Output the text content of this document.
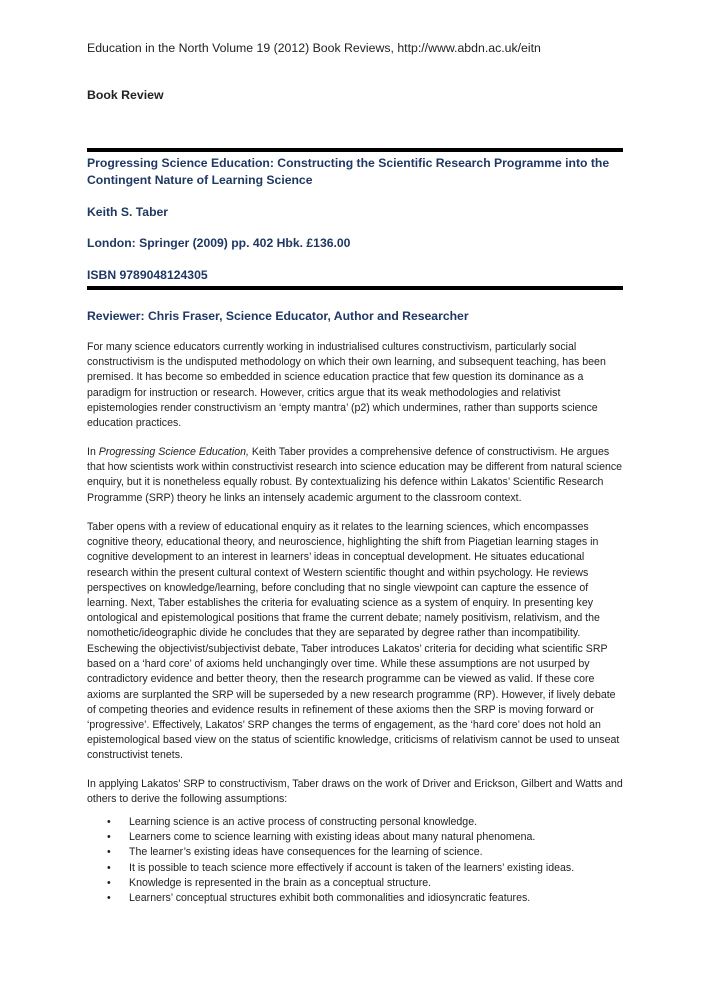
Education in the North Volume 19 (2012) Book Reviews, http://www.abdn.ac.uk/eitn
Book Review
Progressing Science Education: Constructing the Scientific Research Programme into the Contingent Nature of Learning Science
Keith S. Taber
London: Springer (2009) pp. 402 Hbk. £136.00
ISBN 9789048124305
Reviewer: Chris Fraser, Science Educator, Author and Researcher

For many science educators currently working in industrialised cultures constructivism, particularly social constructivism is the undisputed methodology on which their own learning, and subsequent teaching, has been premised. It has become so embedded in science education practice that few question its dominance as a paradigm for instruction or research. However, critics argue that its weak methodologies and relativist epistemologies render constructivism an ‘empty mantra’ (p2) which undermines, rather than supports science education practices.

In Progressing Science Education, Keith Taber provides a comprehensive defence of constructivism. He argues that how scientists work within constructivist research into science education may be different from natural science enquiry, but it is nonetheless equally robust. By contextualizing his defence within Lakatos’ Scientific Research Programme (SRP) theory he links an intensely academic argument to the classroom context.

Taber opens with a review of educational enquiry as it relates to the learning sciences, which encompasses cognitive theory, educational theory, and neuroscience, highlighting the shift from Piagetian learning stages in cognitive development to an interest in learners’ ideas in conceptual development. He situates educational research within the present cultural context of Western scientific thought and within psychology. He reviews perspectives on knowledge/learning, before concluding that no single viewpoint can capture the essence of learning. Next, Taber establishes the criteria for evaluating science as a system of enquiry. In presenting key ontological and epistemological positions that frame the current debate; namely positivism, relativism, and the nomothetic/ideographic divide he concludes that they are separated by degree rather than incompatibility.

Eschewing the objectivist/subjectivist debate, Taber introduces Lakatos’ criteria for deciding what scientific SRP based on a ‘hard core’ of axioms held unchangingly over time. While these assumptions are not usurped by contradictory evidence and better theory, then the research programme can be viewed as valid. If these core axioms are surplanted the SRP will be superseded by a new research programme (RP). However, if lively debate of competing theories and evidence results in refinement of these axioms then the SRP is moving forward or ‘progressive’. Effectively, Lakatos’ SRP changes the terms of engagement, as the ‘hard core’ does not hold an epistemological based view on the status of scientific knowledge, criticisms of relativism cannot be used to unseat constructivist tenets.

In applying Lakatos’ SRP to constructivism, Taber draws on the work of Driver and Erickson, Gilbert and Watts and others to derive the following assumptions:

• Learning science is an active process of constructing personal knowledge.
• Learners come to science learning with existing ideas about many natural phenomena.
• The learner’s existing ideas have consequences for the learning of science.
• It is possible to teach science more effectively if account is taken of the learners’ existing ideas.
• Knowledge is represented in the brain as a conceptual structure.
• Learners’ conceptual structures exhibit both commonalities and idiosyncratic features.
